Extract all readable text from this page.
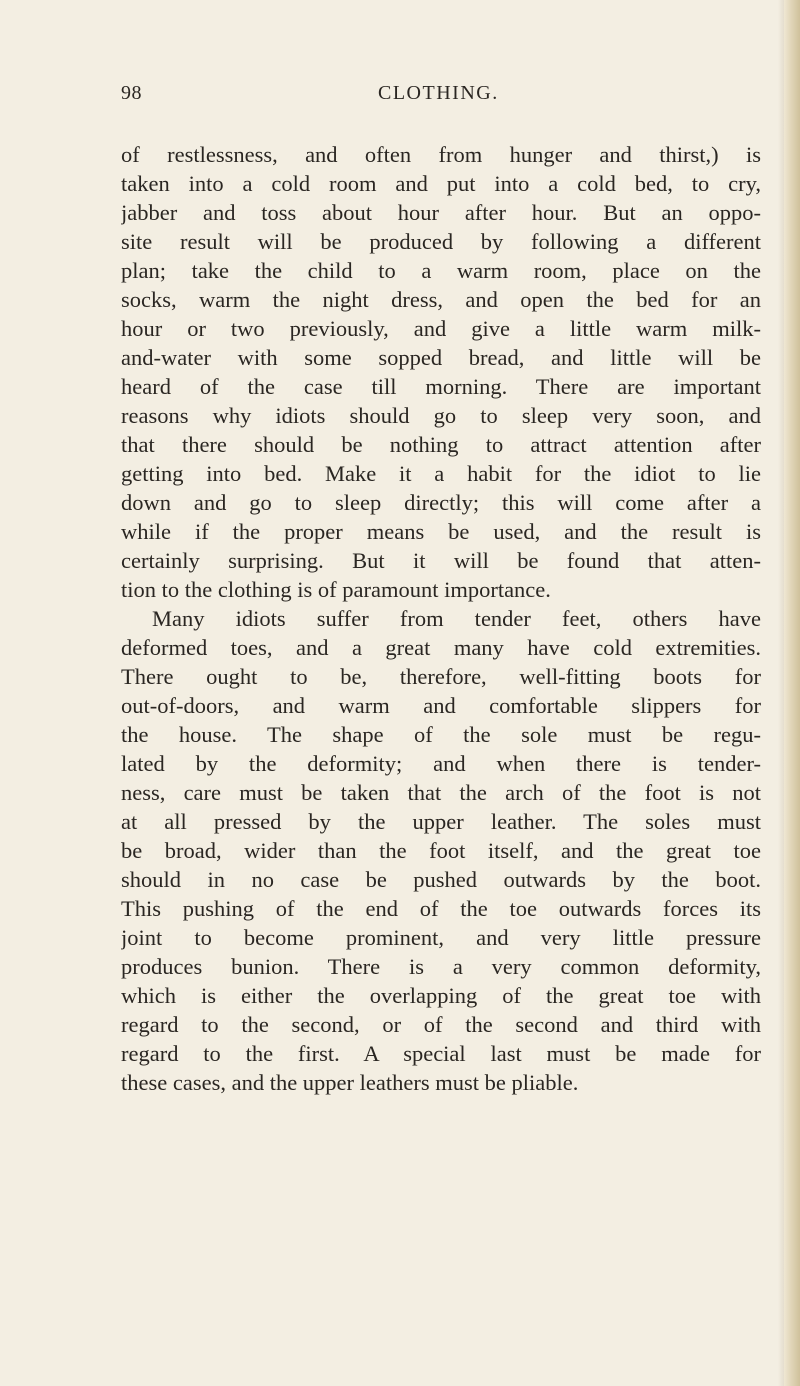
98	CLOTHING.
of restlessness, and often from hunger and thirst,) is
taken into a cold room and put into a cold bed, to cry,
jabber and toss about hour after hour. But an oppo-
site result will be produced by following a different
plan; take the child to a warm room, place on the
socks, warm the night dress, and open the bed for an
hour or two previously, and give a little warm milk-
and-water with some sopped bread, and little will be
heard of the case till morning. There are important
reasons why idiots should go to sleep very soon, and
that there should be nothing to attract attention after
getting into bed. Make it a habit for the idiot to lie
down and go to sleep directly; this will come after a
while if the proper means be used, and the result is
certainly surprising. But it will be found that atten-
tion to the clothing is of paramount importance.
Many idiots suffer from tender feet, others have
deformed toes, and a great many have cold extremities.
There ought to be, therefore, well-fitting boots for
out-of-doors, and warm and comfortable slippers for
the house. The shape of the sole must be regu-
lated by the deformity; and when there is tender-
ness, care must be taken that the arch of the foot is not
at all pressed by the upper leather. The soles must
be broad, wider than the foot itself, and the great toe
should in no case be pushed outwards by the boot.
This pushing of the end of the toe outwards forces its
joint to become prominent, and very little pressure
produces bunion. There is a very common deformity,
which is either the overlapping of the great toe with
regard to the second, or of the second and third with
regard to the first. A special last must be made for
these cases, and the upper leathers must be pliable.
